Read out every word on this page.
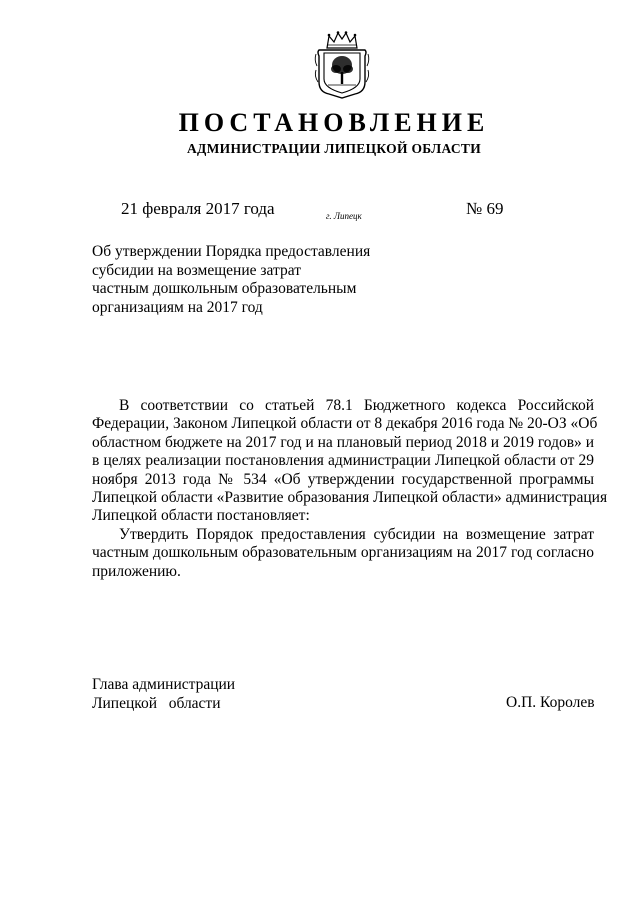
ПОСТАНОВЛЕНИЕ
АДМИНИСТРАЦИИ ЛИПЕЦКОЙ ОБЛАСТИ
21 февраля 2017 года	г. Липецк	№ 69
Об утверждении Порядка предоставления
субсидии на возмещение затрат
частным дошкольным образовательным
организациям на 2017 год
В соответствии со статьей 78.1 Бюджетного кодекса Российской
Федерации, Законом Липецкой области от 8 декабря 2016 года № 20-ОЗ «Об
областном бюджете на 2017 год и на плановый период 2018 и 2019 годов» и
в целях реализации постановления администрации Липецкой области от 29
ноября 2013 года № 534 «Об утверждении государственной программы
Липецкой области «Развитие образования Липецкой области» администрация
Липецкой области постановляет:
Утвердить Порядок предоставления субсидии на возмещение затрат
частным дошкольным образовательным организациям на 2017 год согласно
приложению.
Глава администрации
Липецкой   области	О.П. Королев
